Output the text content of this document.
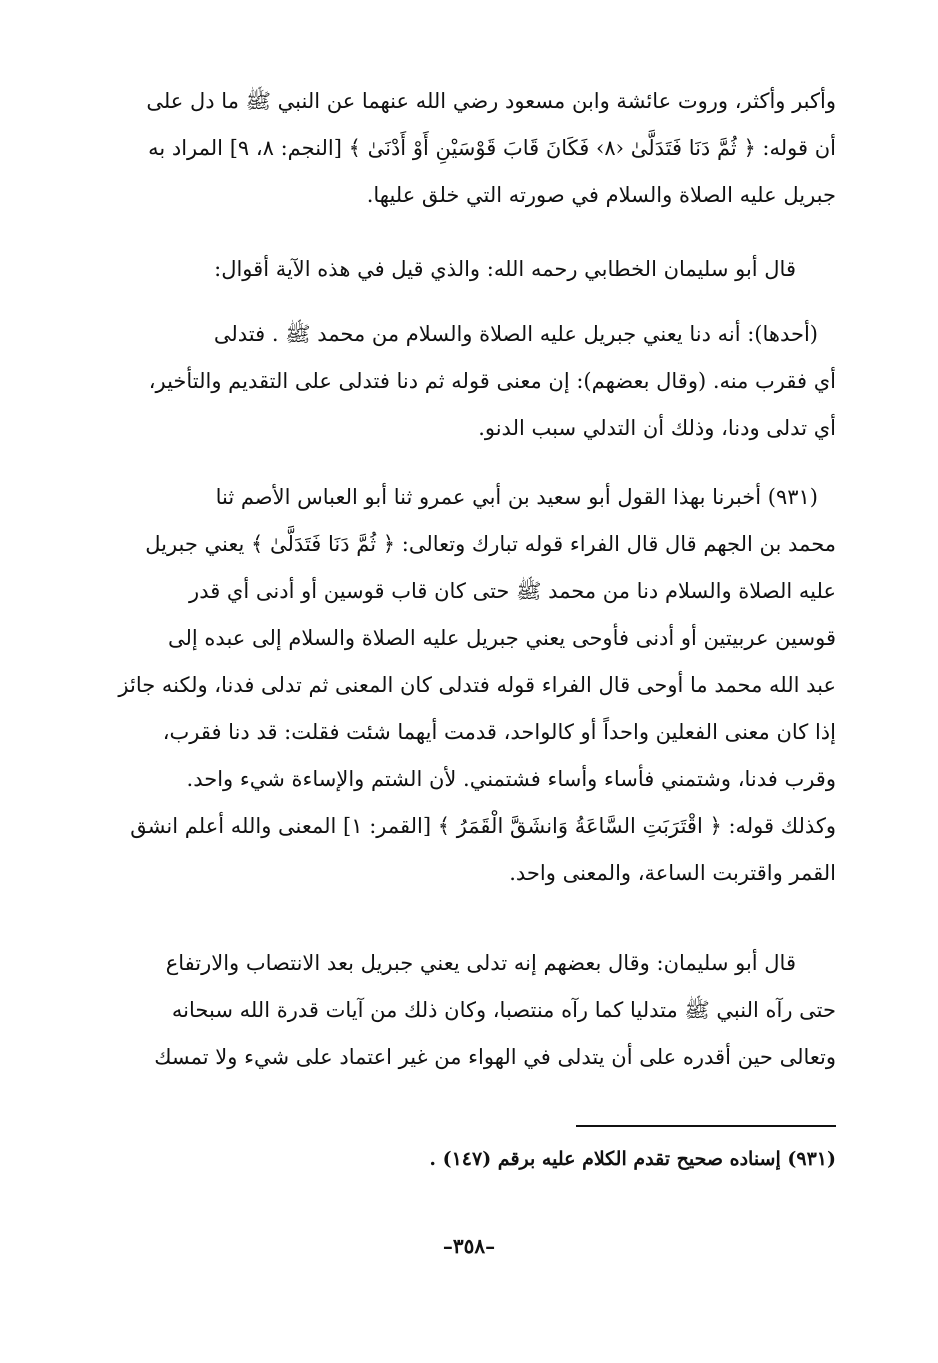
وأكبر وأكثر، وروت عائشة وابن مسعود رضي الله عنهما عن النبي ﷺ ما دل على
أن قوله: ﴿ ثُمَّ دَنَا فَتَدَلَّىٰ ‹٨› فَكَانَ قَابَ قَوْسَيْنِ أَوْ أَدْنَىٰ ﴾ [النجم: ٨، ٩] المراد به
جبريل عليه الصلاة والسلام في صورته التي خلق عليها.
قال أبو سليمان الخطابي رحمه الله: والذي قيل في هذه الآية أقوال:
(أحدها): أنه دنا يعني جبريل عليه الصلاة والسلام من محمد ﷺ . فتدلى
أي فقرب منه. (وقال بعضهم): إن معنى قوله ثم دنا فتدلى على التقديم والتأخير،
أي تدلى ودنا، وذلك أن التدلي سبب الدنو.
(٩٣١) أخبرنا بهذا القول أبو سعيد بن أبي عمرو ثنا أبو العباس الأصم ثنا
محمد بن الجهم قال قال الفراء قوله تبارك وتعالى: ﴿ ثُمَّ دَنَا فَتَدَلَّىٰ ﴾ يعني جبريل
عليه الصلاة والسلام دنا من محمد ﷺ حتى كان قاب قوسين أو أدنى أي قدر
قوسين عربيتين أو أدنى فأوحى يعني جبريل عليه الصلاة والسلام إلى عبده إلى
عبد الله محمد ما أوحى قال الفراء قوله فتدلى كان المعنى ثم تدلى فدنا، ولكنه جائز
إذا كان معنى الفعلين واحداً أو كالواحد، قدمت أيهما شئت فقلت: قد دنا فقرب،
وقرب فدنا، وشتمني فأساء وأساء فشتمني. لأن الشتم والإساءة شيء واحد.
وكذلك قوله: ﴿ اقْتَرَبَتِ السَّاعَةُ وَانشَقَّ الْقَمَرُ ﴾ [القمر: ١] المعنى والله أعلم انشق
القمر واقتربت الساعة، والمعنى واحد.
قال أبو سليمان: وقال بعضهم إنه تدلى يعني جبريل بعد الانتصاب والارتفاع
حتى رآه النبي ﷺ متدليا كما رآه منتصبا، وكان ذلك من آيات قدرة الله سبحانه
وتعالى حين أقدره على أن يتدلى في الهواء من غير اعتماد على شيء ولا تمسك
(٩٣١) إسناده صحيح تقدم الكلام عليه برقم (١٤٧) .
–٣٥٨–
